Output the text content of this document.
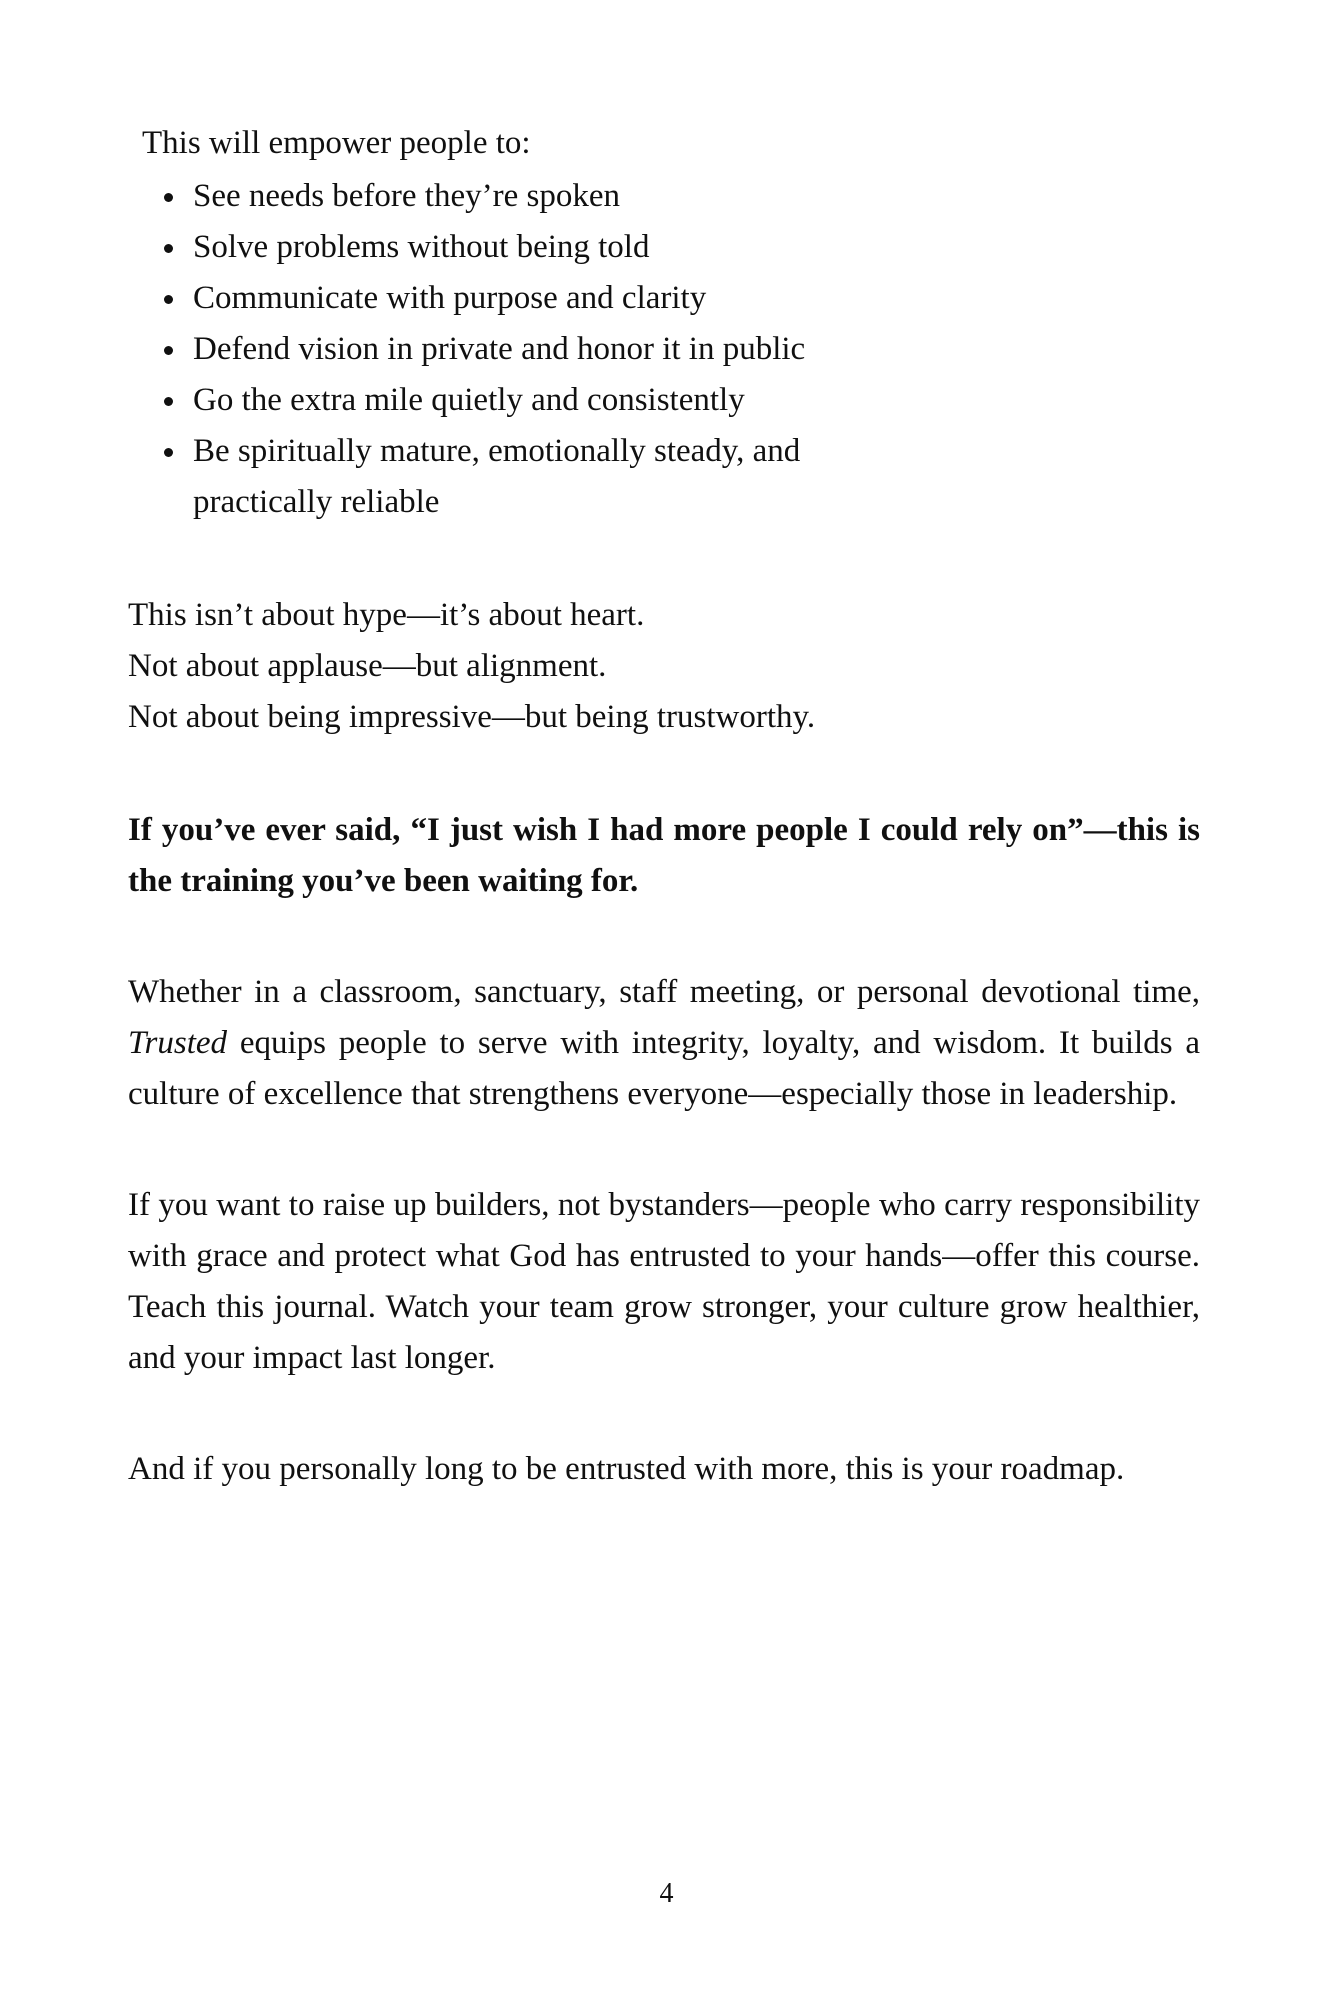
This will empower people to:

See needs before they’re spoken
Solve problems without being told
Communicate with purpose and clarity
Defend vision in private and honor it in public
Go the extra mile quietly and consistently
Be spiritually mature, emotionally steady, and practically reliable

This isn’t about hype—it’s about heart.

Not about applause—but alignment.

Not about being impressive—but being trustworthy.

If you’ve ever said, “I just wish I had more people I could rely on”—this is the training you’ve been waiting for.

Whether in a classroom, sanctuary, staff meeting, or personal devotional time, Trusted equips people to serve with integrity, loyalty, and wisdom. It builds a culture of excellence that strengthens everyone—especially those in leadership.

If you want to raise up builders, not bystanders—people who carry responsibility with grace and protect what God has entrusted to your hands—offer this course. Teach this journal. Watch your team grow stronger, your culture grow healthier, and your impact last longer.

And if you personally long to be entrusted with more, this is your roadmap.

4
